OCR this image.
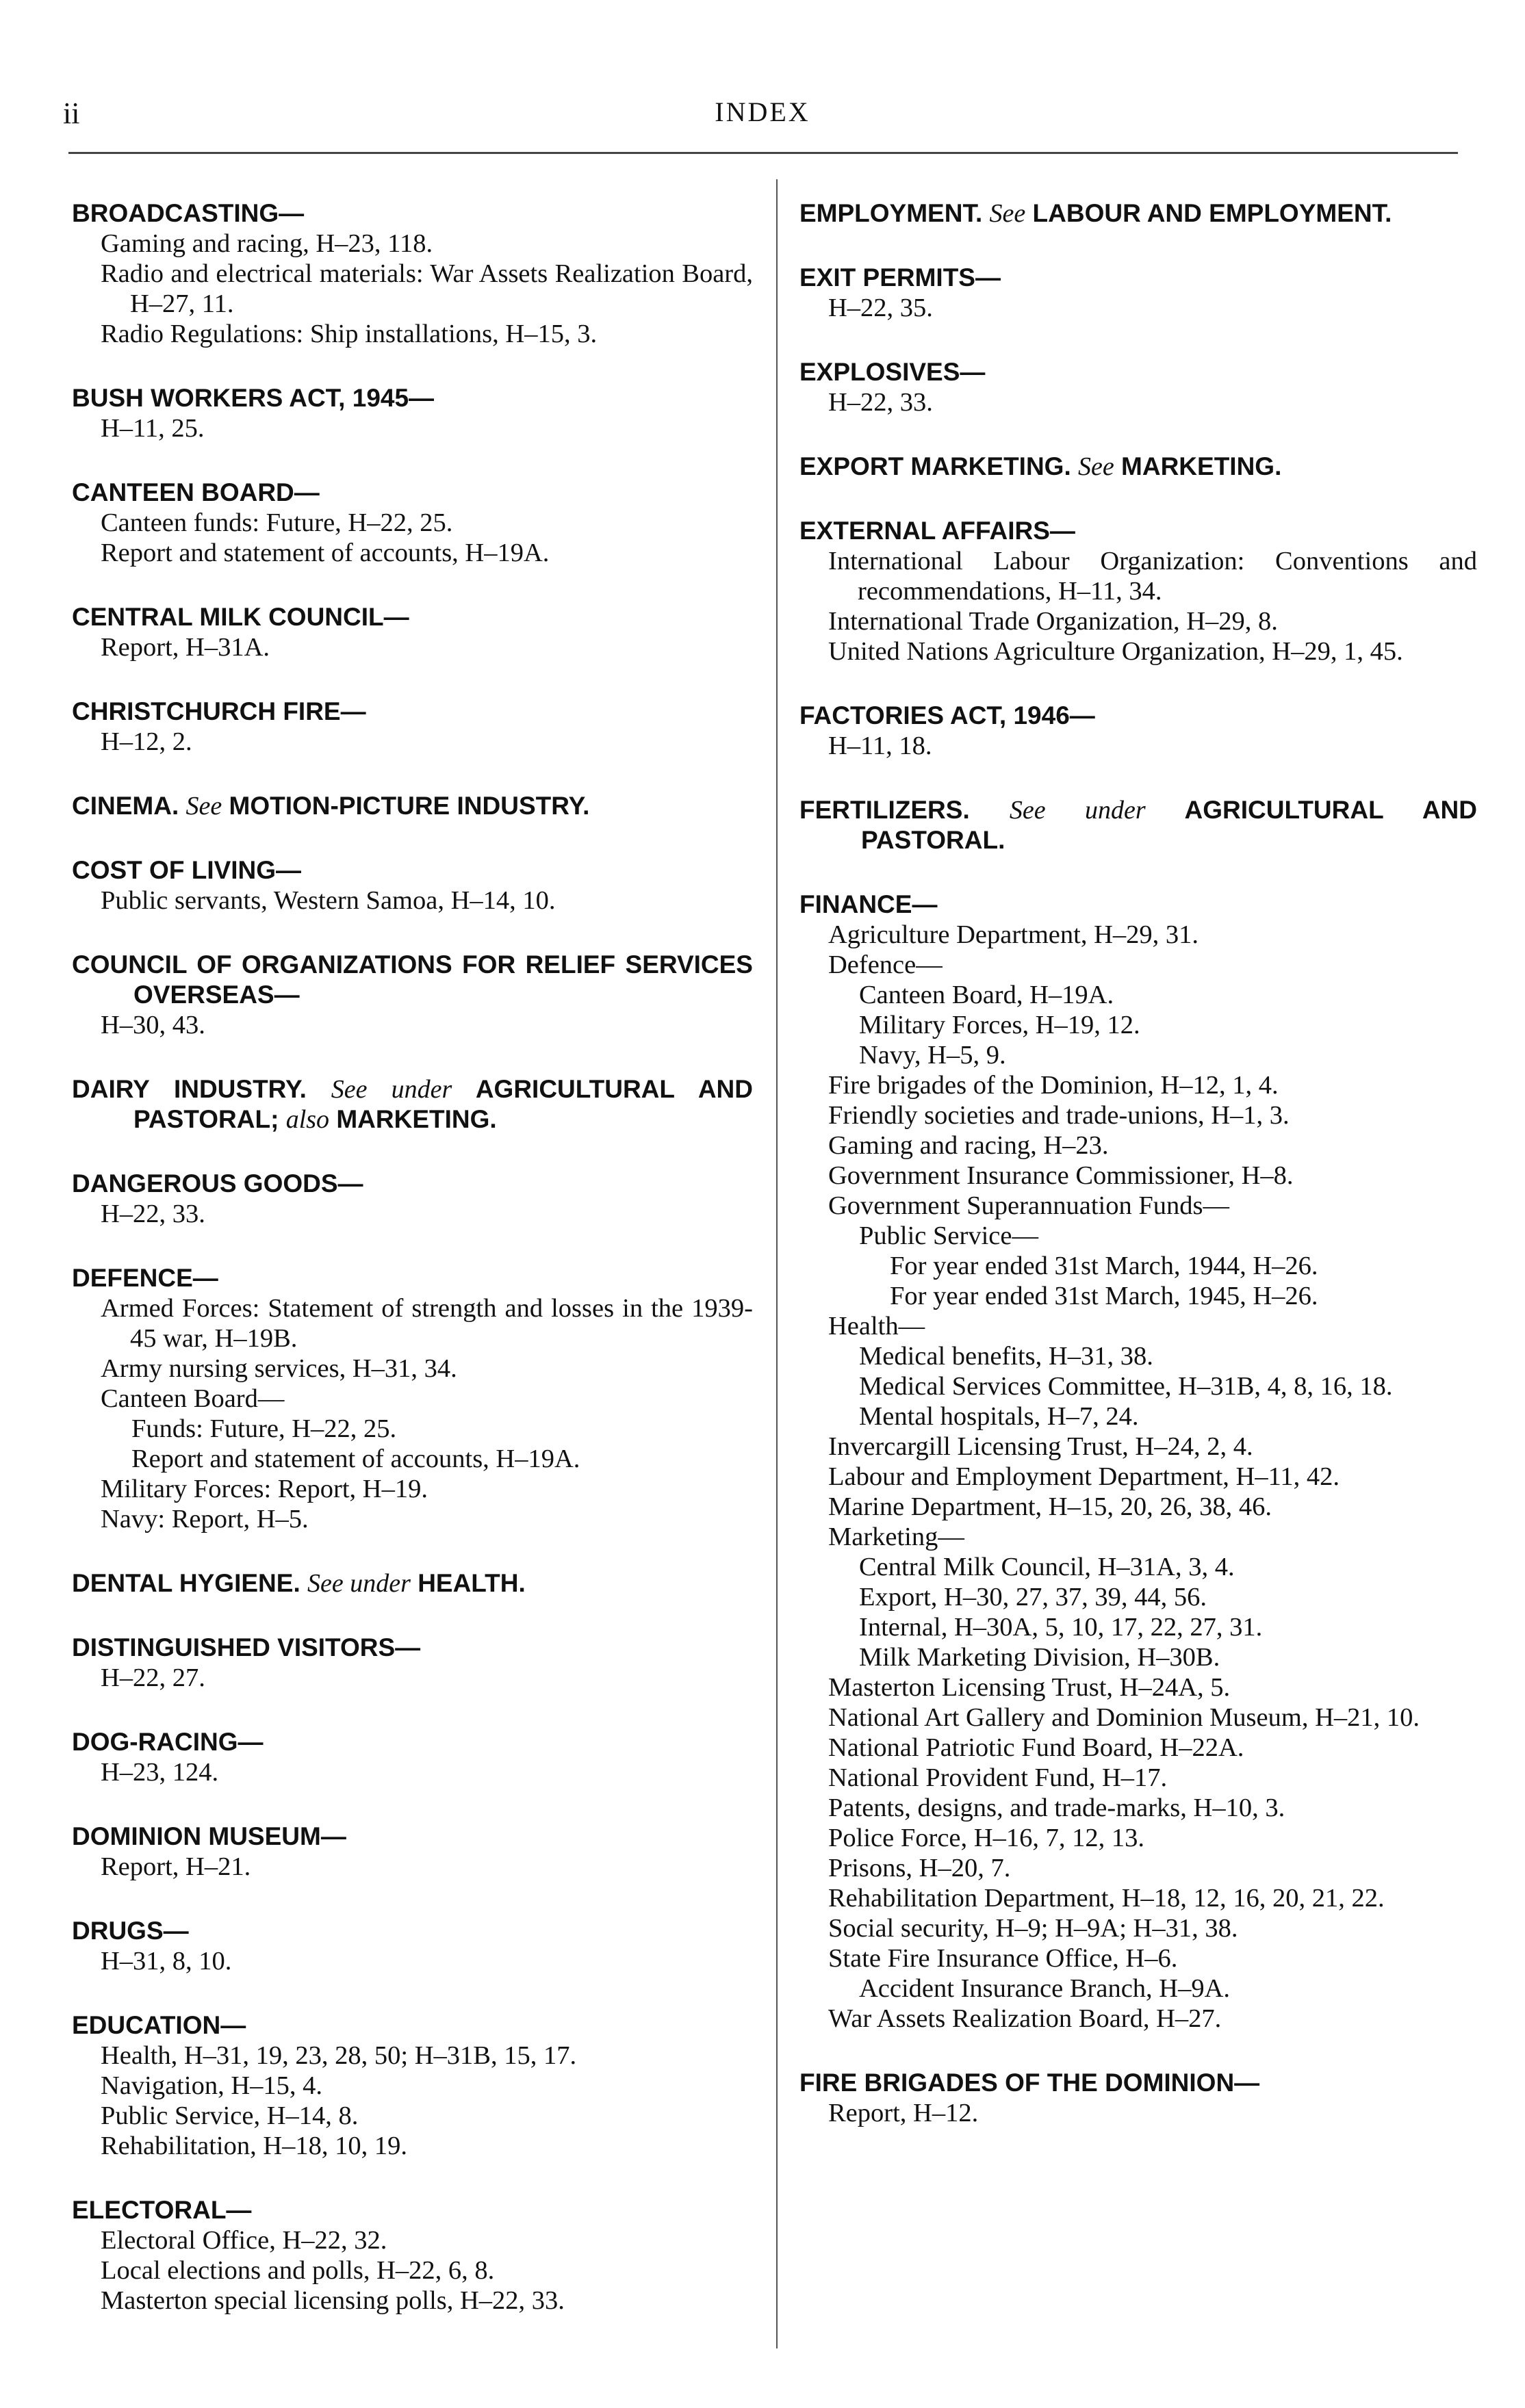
ii	INDEX
BROADCASTING—
Gaming and racing, H–23, 118.
Radio and electrical materials: War Assets Realization Board, H–27, 11.
Radio Regulations: Ship installations, H–15, 3.
BUSH WORKERS ACT, 1945—
H–11, 25.
CANTEEN BOARD—
Canteen funds: Future, H–22, 25.
Report and statement of accounts, H–19A.
CENTRAL MILK COUNCIL—
Report, H–31A.
CHRISTCHURCH FIRE—
H–12, 2.
CINEMA. See MOTION-PICTURE INDUSTRY.
COST OF LIVING—
Public servants, Western Samoa, H–14, 10.
COUNCIL OF ORGANIZATIONS FOR RELIEF SERVICES OVERSEAS—
H–30, 43.
DAIRY INDUSTRY. See under AGRICULTURAL AND PASTORAL; also MARKETING.
DANGEROUS GOODS—
H–22, 33.
DEFENCE—
Armed Forces: Statement of strength and losses in the 1939-45 war, H–19B.
Army nursing services, H–31, 34.
Canteen Board—
Funds: Future, H–22, 25.
Report and statement of accounts, H–19A.
Military Forces: Report, H–19.
Navy: Report, H–5.
DENTAL HYGIENE. See under HEALTH.
DISTINGUISHED VISITORS—
H–22, 27.
DOG-RACING—
H–23, 124.
DOMINION MUSEUM—
Report, H–21.
DRUGS—
H–31, 8, 10.
EDUCATION—
Health, H–31, 19, 23, 28, 50; H–31B, 15, 17.
Navigation, H–15, 4.
Public Service, H–14, 8.
Rehabilitation, H–18, 10, 19.
ELECTORAL—
Electoral Office, H–22, 32.
Local elections and polls, H–22, 6, 8.
Masterton special licensing polls, H–22, 33.
EMPLOYMENT. See LABOUR AND EMPLOYMENT.
EXIT PERMITS—
H–22, 35.
EXPLOSIVES—
H–22, 33.
EXPORT MARKETING. See MARKETING.
EXTERNAL AFFAIRS—
International Labour Organization: Conventions and recommendations, H–11, 34.
International Trade Organization, H–29, 8.
United Nations Agriculture Organization, H–29, 1, 45.
FACTORIES ACT, 1946—
H–11, 18.
FERTILIZERS. See under AGRICULTURAL AND PASTORAL.
FINANCE—
Agriculture Department, H–29, 31.
Defence—
Canteen Board, H–19A.
Military Forces, H–19, 12.
Navy, H–5, 9.
Fire brigades of the Dominion, H–12, 1, 4.
Friendly societies and trade-unions, H–1, 3.
Gaming and racing, H–23.
Government Insurance Commissioner, H–8.
Government Superannuation Funds—
Public Service—
For year ended 31st March, 1944, H–26.
For year ended 31st March, 1945, H–26.
Health—
Medical benefits, H–31, 38.
Medical Services Committee, H–31B, 4, 8, 16, 18.
Mental hospitals, H–7, 24.
Invercargill Licensing Trust, H–24, 2, 4.
Labour and Employment Department, H–11, 42.
Marine Department, H–15, 20, 26, 38, 46.
Marketing—
Central Milk Council, H–31A, 3, 4.
Export, H–30, 27, 37, 39, 44, 56.
Internal, H–30A, 5, 10, 17, 22, 27, 31.
Milk Marketing Division, H–30B.
Masterton Licensing Trust, H–24A, 5.
National Art Gallery and Dominion Museum, H–21, 10.
National Patriotic Fund Board, H–22A.
National Provident Fund, H–17.
Patents, designs, and trade-marks, H–10, 3.
Police Force, H–16, 7, 12, 13.
Prisons, H–20, 7.
Rehabilitation Department, H–18, 12, 16, 20, 21, 22.
Social security, H–9; H–9A; H–31, 38.
State Fire Insurance Office, H–6.
Accident Insurance Branch, H–9A.
War Assets Realization Board, H–27.
FIRE BRIGADES OF THE DOMINION—
Report, H–12.
